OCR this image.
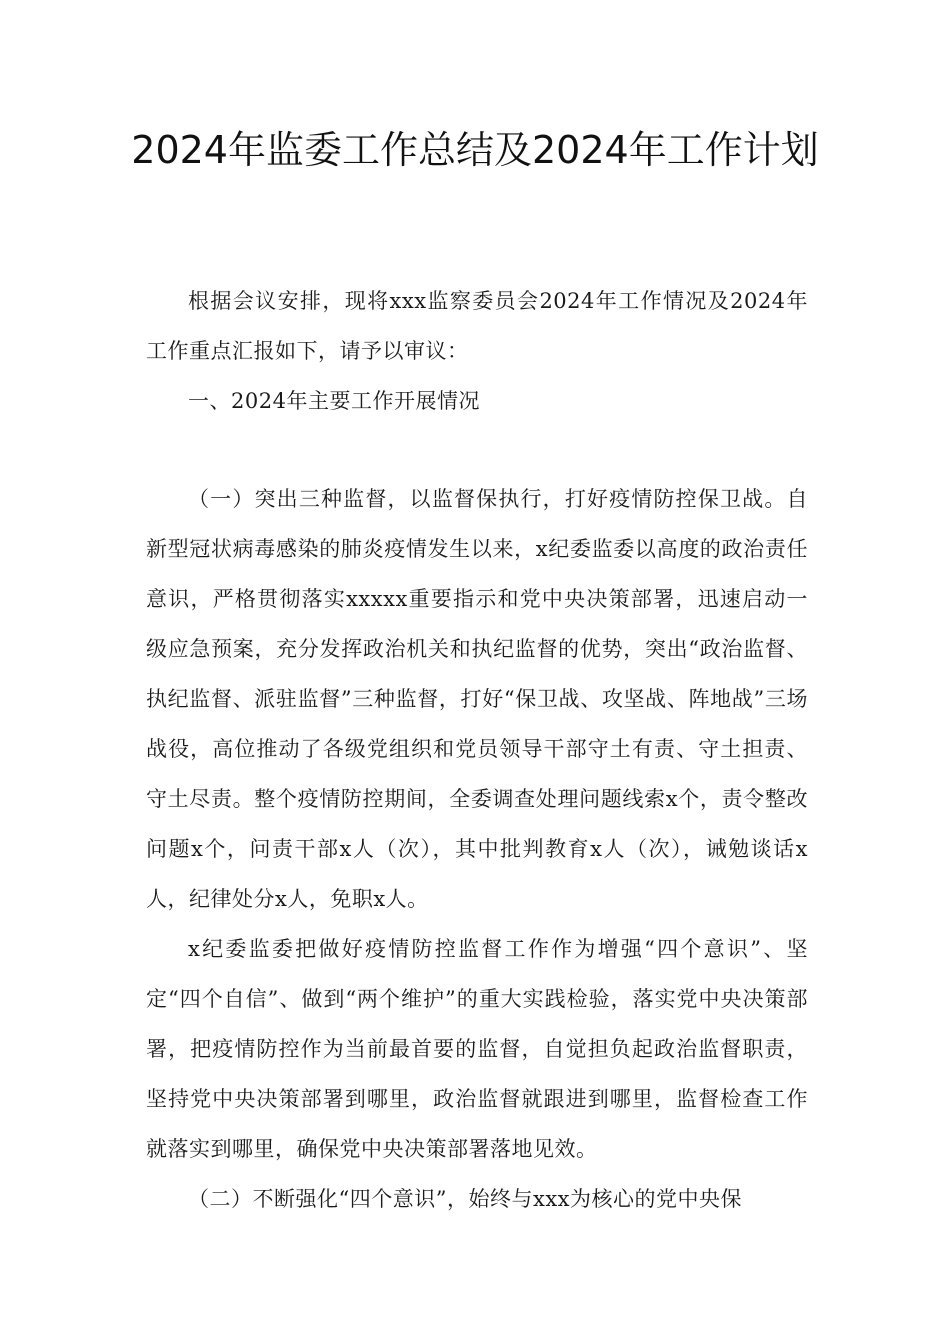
2024年监委工作总结及2024年工作计划

根据会议安排，现将xxx监察委员会2024年工作情况及2024年工作重点汇报如下，请予以审议：

一、2024年主要工作开展情况

（一）突出三种监督，以监督保执行，打好疫情防控保卫战。自新型冠状病毒感染的肺炎疫情发生以来，x纪委监委以高度的政治责任意识，严格贯彻落实xxxxx重要指示和党中央决策部署，迅速启动一级应急预案，充分发挥政治机关和执纪监督的优势，突出“政治监督、执纪监督、派驻监督”三种监督，打好“保卫战、攻坚战、阵地战”三场战役，高位推动了各级党组织和党员领导干部守土有责、守土担责、守土尽责。整个疫情防控期间，全委调查处理问题线索x个，责令整改问题x个，问责干部x人（次），其中批判教育x人（次），诫勉谈话x人，纪律处分x人，免职x人。

x纪委监委把做好疫情防控监督工作作为增强“四个意识”、坚定“四个自信”、做到“两个维护”的重大实践检验，落实党中央决策部署，把疫情防控作为当前最首要的监督，自觉担负起政治监督职责，坚持党中央决策部署到哪里，政治监督就跟进到哪里，监督检查工作就落实到哪里，确保党中央决策部署落地见效。

（二）不断强化“四个意识”，始终与xxx为核心的党中央保
